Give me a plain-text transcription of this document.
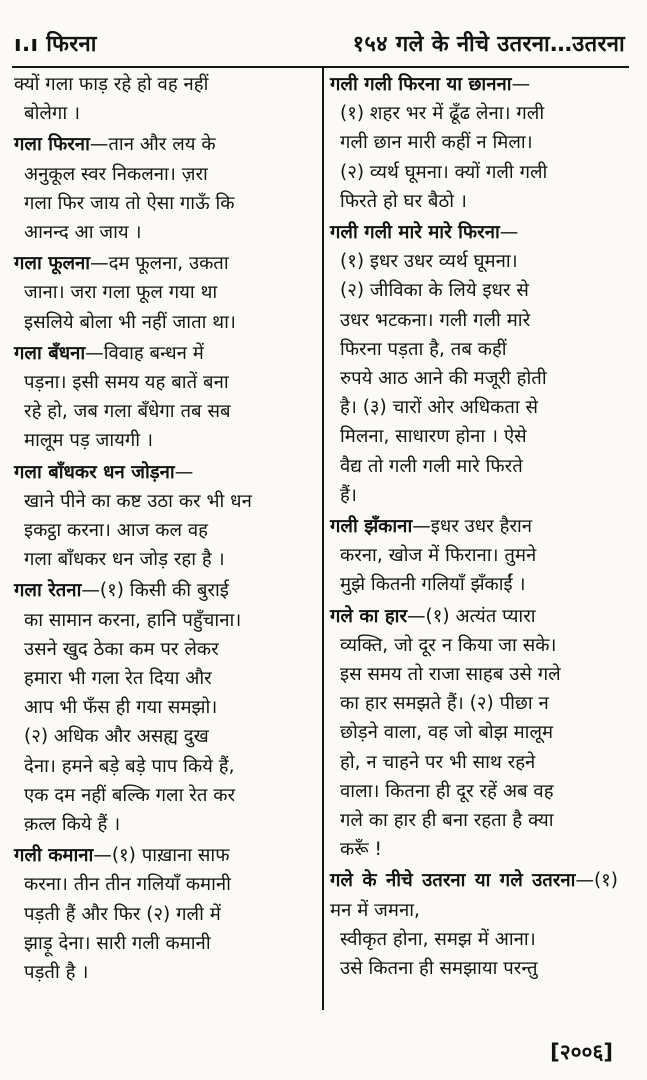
ı.ı फिरना	१५४ गले के नीचे उतरना…उतरना
क्यों गला फाड़ रहे हो वह नहीं
बोलेगा ।
गला फिरना—तान और लय के
अनुकूल स्वर निकलना। ज़रा
गला फिर जाय तो ऐसा गाऊँ कि
आनन्द आ जाय ।
गला फूलना—दम फूलना, उकता
जाना। जरा गला फूल गया था
इसलिये बोला भी नहीं जाता था।
गला बँधना—विवाह बन्धन में
पड़ना। इसी समय यह बातें बना
रहे हो, जब गला बँधेगा तब सब
मालूम पड़ जायगी ।
गला बाँधकर धन जोड़ना—
खाने पीने का कष्ट उठा कर भी धन
इकट्ठा करना। आज कल वह
गला बाँधकर धन जोड़ रहा है ।
गला रेतना—(१) किसी की बुराई
का सामान करना, हानि पहुँचाना।
उसने खुद ठेका कम पर लेकर
हमारा भी गला रेत दिया और
आप भी फँस ही गया समझो।
(२) अधिक और असह्य दुख
देना। हमने बड़े बड़े पाप किये हैं,
एक दम नहीं बल्कि गला रेत कर
क़त्ल किये हैं ।
गली कमाना—(१) पाख़ाना साफ
करना। तीन तीन गलियाँ कमानी
पड़ती हैं और फिर (२) गली में
झाड़ू देना। सारी गली कमानी
पड़ती है ।
गली गली फिरना या छानना—
(१) शहर भर में ढूँढ लेना। गली
गली छान मारी कहीं न मिला।
(२) व्यर्थ घूमना। क्यों गली गली
फिरते हो घर बैठो ।
गली गली मारे मारे फिरना—
(१) इधर उधर व्यर्थ घूमना।
(२) जीविका के लिये इधर से
उधर भटकना। गली गली मारे
फिरना पड़ता है, तब कहीं
रुपये आठ आने की मजूरी होती
है। (३) चारों ओर अधिकता से
मिलना, साधारण होना । ऐसे
वैद्य तो गली गली मारे फिरते
हैं।
गली झँकाना—इधर उधर हैरान
करना, खोज में फिराना। तुमने
मुझे कितनी गलियाँ झँकाईं ।
गले का हार—(१) अत्यंत प्यारा
व्यक्ति, जो दूर न किया जा सके।
इस समय तो राजा साहब उसे गले
का हार समझते हैं। (२) पीछा न
छोड़ने वाला, वह जो बोझ मालूम
हो, न चाहने पर भी साथ रहने
वाला। कितना ही दूर रहें अब वह
गले का हार ही बना रहता है क्या
करूँ !
गले के नीचे उतरना या गले उतरना—(१) मन में जमना,
स्वीकृत होना, समझ में आना।
उसे कितना ही समझाया परन्तु
[२००६]
